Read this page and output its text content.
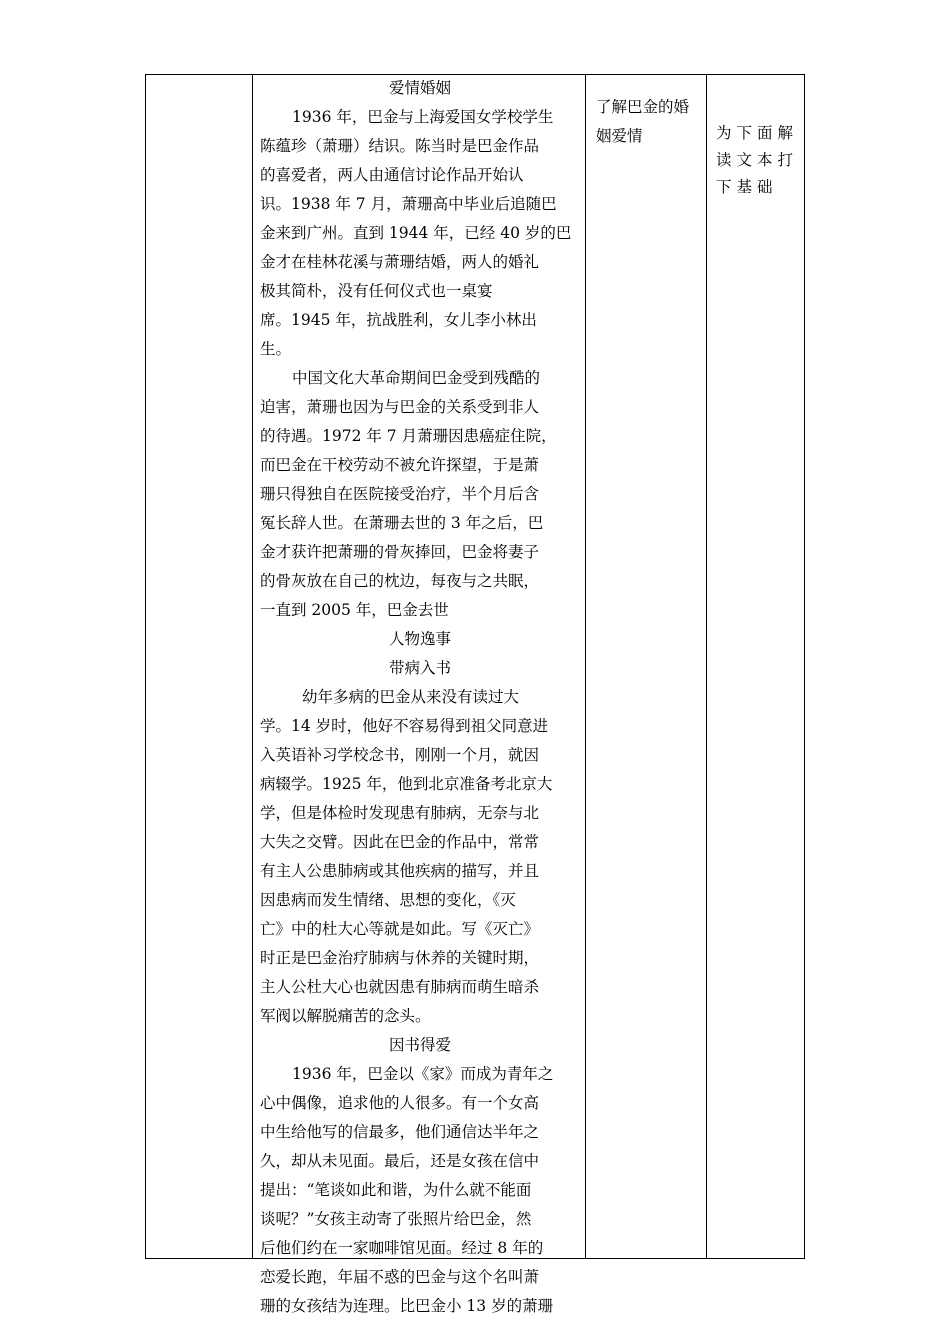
爱情婚姻
1936 年，巴金与上海爱国女学校学生
陈蕴珍（萧珊）结识。陈当时是巴金作品
的喜爱者，两人由通信讨论作品开始认
识。1938 年 7 月，萧珊高中毕业后追随巴
金来到广州。直到 1944 年，已经 40 岁的巴
金才在桂林花溪与萧珊结婚，两人的婚礼
极其简朴，没有任何仪式也一桌宴
席。1945 年，抗战胜利，女儿李小林出
生。
中国文化大革命期间巴金受到残酷的
迫害，萧珊也因为与巴金的关系受到非人
的待遇。1972 年 7 月萧珊因患癌症住院，
而巴金在干校劳动不被允许探望，于是萧
珊只得独自在医院接受治疗，半个月后含
冤长辞人世。在萧珊去世的 3 年之后，巴
金才获许把萧珊的骨灰捧回，巴金将妻子
的骨灰放在自己的枕边，每夜与之共眠，
一直到 2005 年，巴金去世
人物逸事
带病入书
幼年多病的巴金从来没有读过大
学。14 岁时，他好不容易得到祖父同意进
入英语补习学校念书，刚刚一个月，就因
病辍学。1925 年，他到北京准备考北京大
学，但是体检时发现患有肺病，无奈与北
大失之交臂。因此在巴金的作品中，常常
有主人公患肺病或其他疾病的描写，并且
因患病而发生情绪、思想的变化，《灭
亡》中的杜大心等就是如此。写《灭亡》
时正是巴金治疗肺病与休养的关键时期，
主人公杜大心也就因患有肺病而萌生暗杀
军阀以解脱痛苦的念头。
因书得爱
1936 年，巴金以《家》而成为青年之
心中偶像，追求他的人很多。有一个女高
中生给他写的信最多，他们通信达半年之
久，却从未见面。最后，还是女孩在信中
提出：“笔谈如此和谐，为什么就不能面
谈呢？”女孩主动寄了张照片给巴金，然
后他们约在一家咖啡馆见面。经过 8 年的
恋爱长跑，年届不惑的巴金与这个名叫萧
珊的女孩结为连理。比巴金小 13 岁的萧珊
了解巴金的婚
姻爱情	为下面解
读文本打
下基础
